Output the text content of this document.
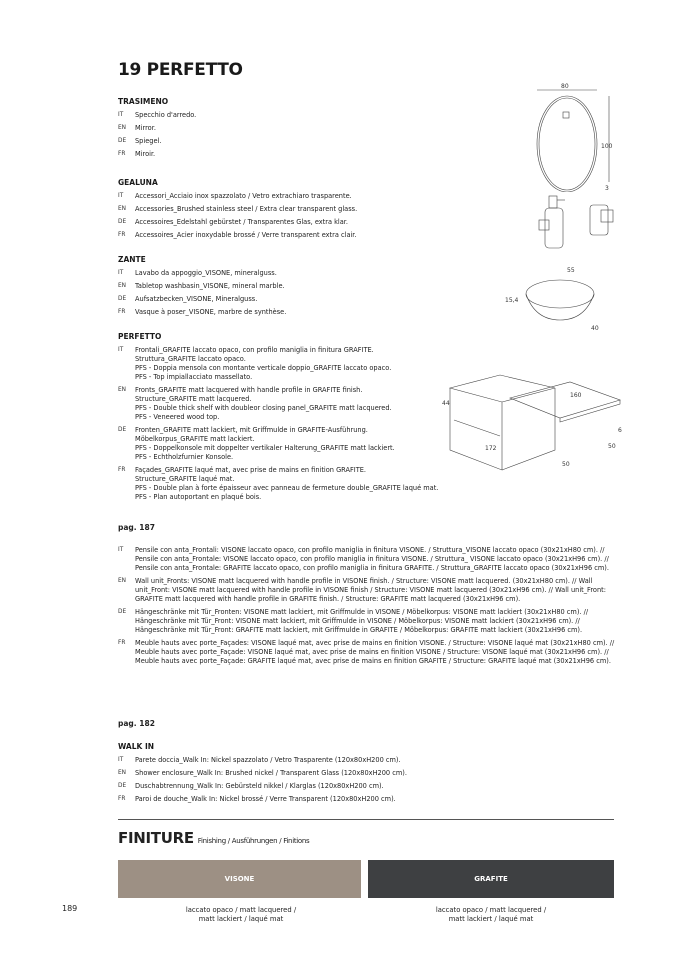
19 PERFETTO
TRASIMENO
IT	Specchio d'arredo.
EN	Mirror.
DE	Spiegel.
FR	Miroir.
GEALUNA
IT	Accessori_Acciaio inox spazzolato / Vetro extrachiaro trasparente.
EN	Accessories_Brushed stainless steel / Extra clear transparent glass.
DE	Accessoires_Edelstahl gebürstet / Transparentes Glas, extra klar.
FR	Accessoires_Acier inoxydable brossé / Verre transparent extra clair.
ZANTE
IT	Lavabo da appoggio_VISONE, mineralguss.
EN	Tabletop washbasin_VISONE, mineral marble.
DE	Aufsatzbecken_VISONE, Mineralguss.
FR	Vasque à poser_VISONE, marbre de synthèse.
PERFETTO
IT	Frontali_GRAFITE laccato opaco, con profilo maniglia in finitura GRAFITE.
Struttura_GRAFITE laccato opaco.
PFS - Doppia mensola con montante verticale doppio_GRAFITE laccato opaco.
PFS - Top impiallacciato massellato.
EN	Fronts_GRAFITE matt lacquered with handle profile in GRAFITE finish.
Structure_GRAFITE matt lacquered.
PFS - Double thick shelf with doubleor closing panel_GRAFITE matt lacquered.
PFS - Veneered wood top.
DE	Fronten_GRAFITE matt lackiert, mit Griffmulde in GRAFITE-Ausführung.
Möbelkorpus_GRAFITE matt lackiert.
PFS - Doppelkonsole mit doppelter vertikaler Halterung_GRAFITE matt lackiert.
PFS - Echtholzfurnier Konsole.
FR	Façades_GRAFITE laqué mat, avec prise de mains en finition GRAFITE.
Structure_GRAFITE laqué mat.
PFS - Double plan à forte épaisseur avec panneau de fermeture double_GRAFITE laqué mat.
PFS - Plan autoportant en plaqué bois.
80
100
3
55
15,4
40
160
44
6
50
172
50
pag. 187
IT	Pensile con anta_Frontali: VISONE laccato opaco, con profilo maniglia in finitura VISONE. / Struttura_VISONE laccato opaco (30x21xH80 cm). // Pensile con anta_Frontale: VISONE laccato opaco, con profilo maniglia in finitura VISONE. / Struttura_ VISONE laccato opaco (30x21xH96 cm). // Pensile con anta_Frontale: GRAFITE laccato opaco, con profilo maniglia in finitura GRAFITE. / Struttura_GRAFITE laccato opaco (30x21xH96 cm).
EN	Wall unit_Fronts: VISONE matt lacquered with handle profile in VISONE finish. / Structure: VISONE matt lacquered. (30x21xH80 cm). // Wall unit_Front: VISONE matt lacquered with handle profile in VISONE finish / Structure: VISONE matt lacquered (30x21xH96 cm). // Wall unit_Front: GRAFITE matt lacquered with handle profile in GRAFITE finish. / Structure: GRAFITE matt lacquered (30x21xH96 cm).
DE	Hängeschränke mit Tür_Fronten: VISONE matt lackiert, mit Griffmulde in VISONE / Möbelkorpus: VISONE matt lackiert (30x21xH80 cm). // Hängeschränke mit Tür_Front: VISONE matt lackiert, mit Griffmulde in VISONE / Möbelkorpus: VISONE matt lackiert (30x21xH96 cm). // Hängeschränke mit Tür_Front: GRAFITE matt lackiert, mit Griffmulde in GRAFITE / Möbelkorpus: GRAFITE matt lackiert (30x21xH96 cm).
FR	Meuble hauts avec porte_Façades: VISONE laqué mat, avec prise de mains en finition VISONE. / Structure: VISONE laqué mat (30x21xH80 cm). // Meuble hauts avec porte_Façade: VISONE laqué mat, avec prise de mains en finition VISONE / Structure: VISONE laqué mat (30x21xH96 cm). // Meuble hauts avec porte_Façade: GRAFITE laqué mat, avec prise de mains en finition GRAFITE / Structure: GRAFITE laqué mat (30x21xH96 cm).
pag. 182
WALK IN
IT	Parete doccia_Walk In: Nickel spazzolato / Vetro Trasparente (120x80xH200 cm).
EN	Shower enclosure_Walk In: Brushed nickel / Transparent Glass (120x80xH200 cm).
DE	Duschabtrennung_Walk In: Gebürsteld nikkel / Klarglas (120x80xH200 cm).
FR	Paroi de douche_Walk In: Nickel brossé / Verre Transparent (120x80xH200 cm).
FINITURE Finishing / Ausführungen / Finitions
VISONE	GRAFITE
laccato opaco / matt lacquered /
matt lackiert / laqué mat
laccato opaco / matt lacquered /
matt lackiert / laqué mat
189
